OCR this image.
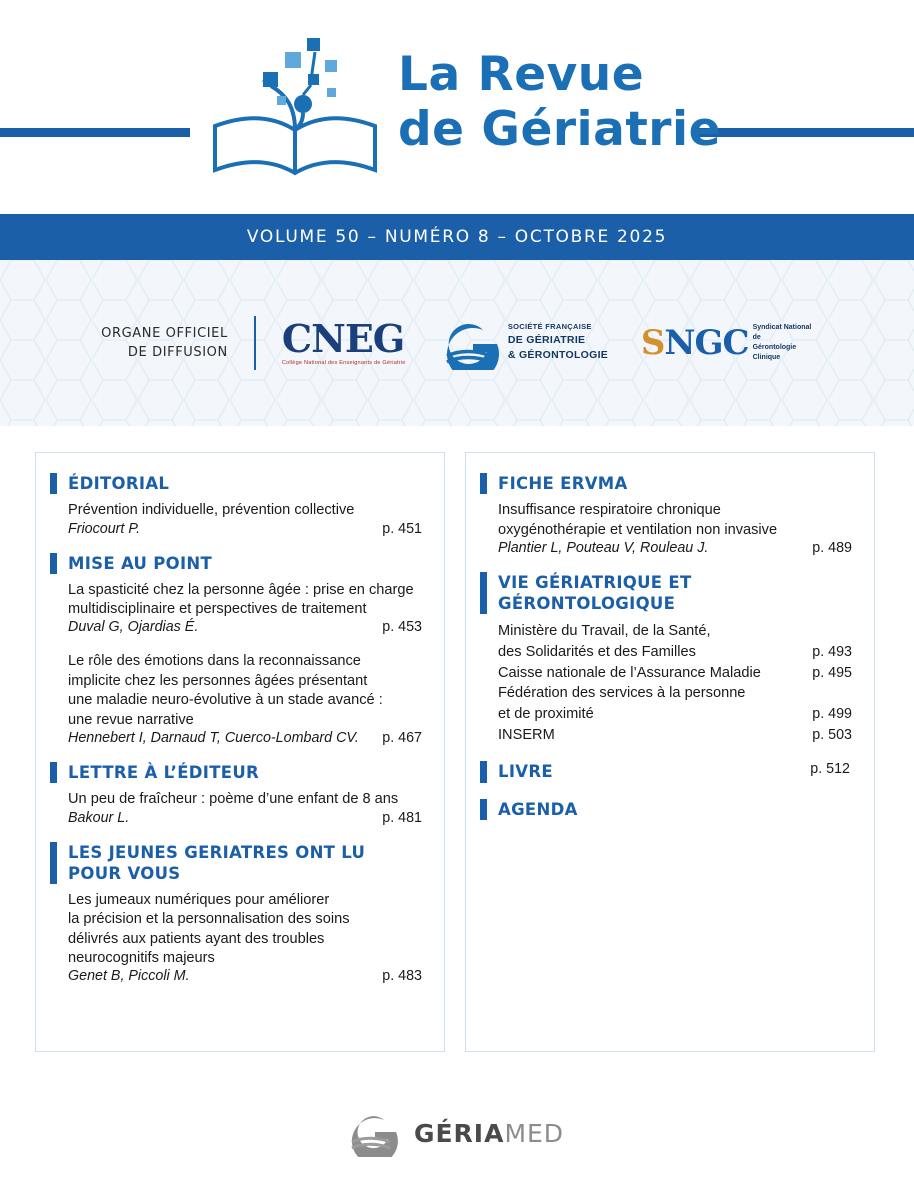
La Revue
de Gériatrie
VOLUME 50 – NUMÉRO 8 – OCTOBRE 2025
ORGANE OFFICIEL
DE DIFFUSION CNEG
Collège National des Enseignants de Gériatrie
SOCIÉTÉ FRANÇAISE
DE GÉRIATRIE
& GÉRONTOLOGIE SNGC Syndicat National de
Gérontologie Clinique
ÉDITORIAL
Prévention individuelle, prévention collective
Friocourt P.	p. 451
MISE AU POINT
La spasticité chez la personne âgée : prise en charge
multidisciplinaire et perspectives de traitement
Duval G, Ojardias É.	p. 453
Le rôle des émotions dans la reconnaissance
implicite chez les personnes âgées présentant
une maladie neuro-évolutive à un stade avancé :
une revue narrative
Hennebert I, Darnaud T, Cuerco-Lombard CV. p. 467
LETTRE À L’ÉDITEUR
Un peu de fraîcheur : poème d’une enfant de 8 ans
Bakour L.	p. 481
LES JEUNES GERIATRES ONT LU
POUR VOUS
Les jumeaux numériques pour améliorer
la précision et la personnalisation des soins
délivrés aux patients ayant des troubles
neurocognitifs majeurs
Genet B, Piccoli M.	p. 483
FICHE ERVMA
Insuffisance respiratoire chronique
oxygénothérapie et ventilation non invasive
Plantier L, Pouteau V, Rouleau J.	p. 489
VIE GÉRIATRIQUE ET GÉRONTOLOGIQUE
Ministère du Travail, de la Santé,
des Solidarités et des Familles	p. 493
Caisse nationale de l’Assurance Maladie	p. 495
Fédération des services à la personne
et de proximité	p. 499
INSERM	p. 503
LIVRE	p. 512
AGENDA
GÉRIAMED
